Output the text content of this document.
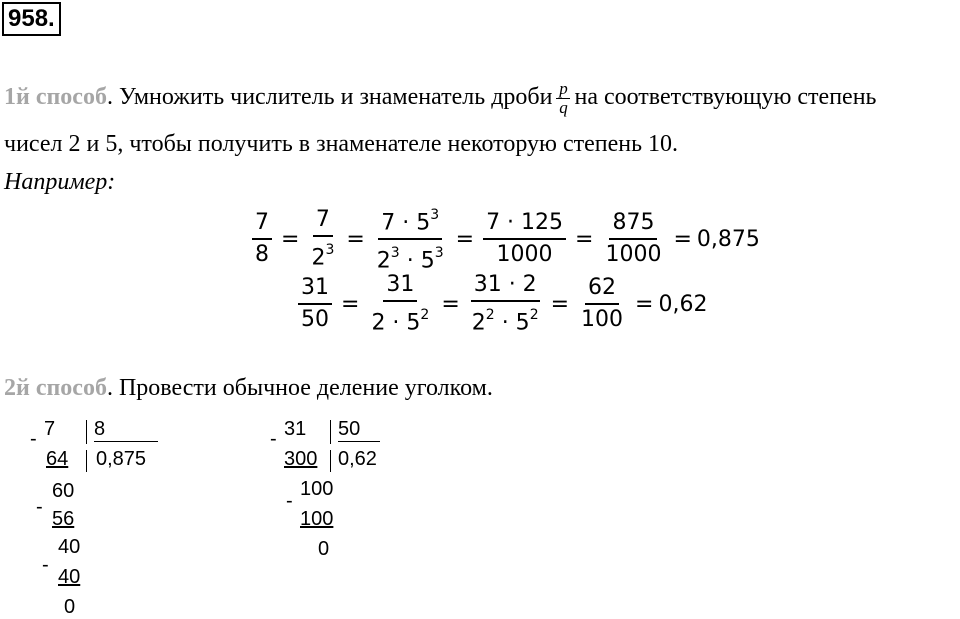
958.
1й способ. Умножить числитель и знаменатель дроби $\frac{p}{q}$ на соответствующую степень
чисел 2 и 5, чтобы получить в знаменателе некоторую степень 10.
Например:
$\frac{7}{8} = \frac{7}{2^3} = \frac{7 \cdot 5^3}{2^3 \cdot 5^3} = \frac{7 \cdot 125}{1000} = \frac{875}{1000} = 0,875$
$\frac{31}{50} = \frac{31}{2 \cdot 5^2} = \frac{31 \cdot 2}{2^2 \cdot 5^2} = \frac{62}{100} = 0,62$
2й способ. Провести обычное деление уголком.
7 8
-
64 0,875
60
-
56
40
-
40
0
31 50
-
300 0,62
100
-
100
0
